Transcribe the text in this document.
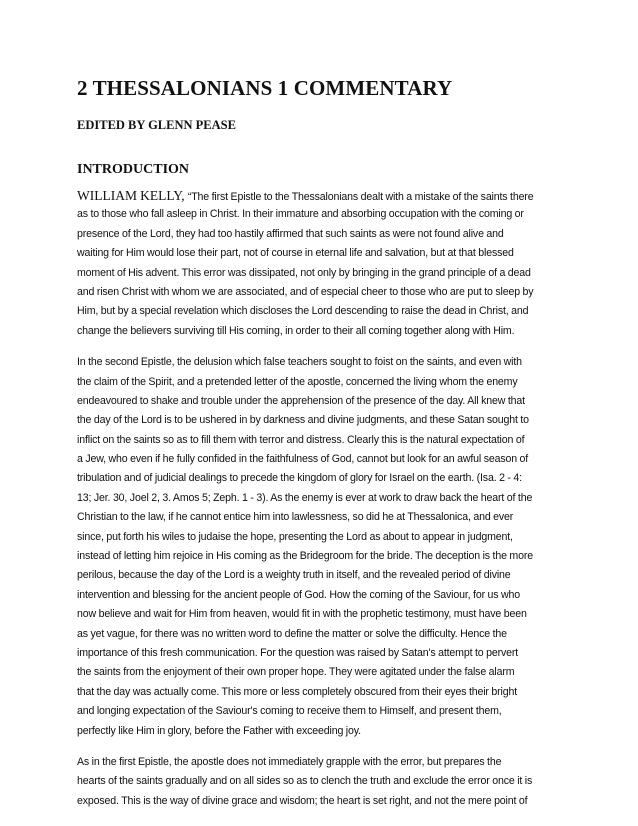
2 THESSALONIANS 1 COMMENTARY
EDITED BY GLENN PEASE
INTRODUCTION
WILLIAM KELLY, “The first Epistle to the Thessalonians dealt with a mistake of the saints there
as to those who fall asleep in Christ. In their immature and absorbing occupation with the coming or
presence of the Lord, they had too hastily affirmed that such saints as were not found alive and
waiting for Him would lose their part, not of course in eternal life and salvation, but at that blessed
moment of His advent. This error was dissipated, not only by bringing in the grand principle of a dead
and risen Christ with whom we are associated, and of especial cheer to those who are put to sleep by
Him, but by a special revelation which discloses the Lord descending to raise the dead in Christ, and
change the believers surviving till His coming, in order to their all coming together along with Him.
In the second Epistle, the delusion which false teachers sought to foist on the saints, and even with
the claim of the Spirit, and a pretended letter of the apostle, concerned the living whom the enemy
endeavoured to shake and trouble under the apprehension of the presence of the day. All knew that
the day of the Lord is to be ushered in by darkness and divine judgments, and these Satan sought to
inflict on the saints so as to fill them with terror and distress. Clearly this is the natural expectation of
a Jew, who even if he fully confided in the faithfulness of God, cannot but look for an awful season of
tribulation and of judicial dealings to precede the kingdom of glory for Israel on the earth. (Isa. 2 - 4:
13; Jer. 30, Joel 2, 3. Amos 5; Zeph. 1 - 3). As the enemy is ever at work to draw back the heart of the
Christian to the law, if he cannot entice him into lawlessness, so did he at Thessalonica, and ever
since, put forth his wiles to judaise the hope, presenting the Lord as about to appear in judgment,
instead of letting him rejoice in His coming as the Bridegroom for the bride. The deception is the more
perilous, because the day of the Lord is a weighty truth in itself, and the revealed period of divine
intervention and blessing for the ancient people of God. How the coming of the Saviour, for us who
now believe and wait for Him from heaven, would fit in with the prophetic testimony, must have been
as yet vague, for there was no written word to define the matter or solve the difficulty. Hence the
importance of this fresh communication. For the question was raised by Satan's attempt to pervert
the saints from the enjoyment of their own proper hope. They were agitated under the false alarm
that the day was actually come. This more or less completely obscured from their eyes their bright
and longing expectation of the Saviour's coming to receive them to Himself, and present them,
perfectly like Him in glory, before the Father with exceeding joy.
As in the first Epistle, the apostle does not immediately grapple with the error, but prepares the
hearts of the saints gradually and on all sides so as to clench the truth and exclude the error once it is
exposed. This is the way of divine grace and wisdom; the heart is set right, and not the mere point of
